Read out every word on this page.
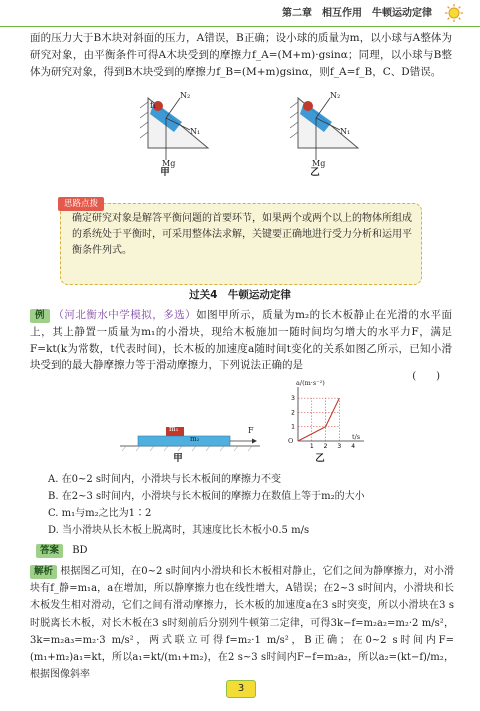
第二章　相互作用　牛顿运动定律
面的压力大于B木块对斜面的压力，A错误，B正确；设小球的质量为m，以小球与A整体为研究对象，由平衡条件可得A木块受到的摩擦力f_A=(M+m)·gsinα；同理，以小球与B整体为研究对象，得到B木块受到的摩擦力f_B=(M+m)gsinα，则f_A=f_B，C、D错误。
N₂
f₁
N₁
Mg
甲
N₂
N₁
Mg
乙
思路点拨
确定研究对象是解答平衡问题的首要环节，如果两个或两个以上的物体所组成的系统处于平衡时，可采用整体法求解，关键要正确地进行受力分析和运用平衡条件列式。
过关4　牛顿运动定律
例 （河北衡水中学模拟，多选）如图甲所示，质量为m₂的长木板静止在光滑的水平面上，其上静置一质量为m₁的小滑块，现给木板施加一随时间均匀增大的水平力F，满足F=kt(k为常数，t代表时间)，长木板的加速度a随时间t变化的关系如图乙所示，已知小滑块受到的最大静摩擦力等于滑动摩擦力，下列说法正确的是
(　　)
m₁
m₂
F
甲
1
2
3
1 2 3 4
a/(m·s⁻²)
t/s
O
乙
A. 在0~2 s时间内，小滑块与长木板间的摩擦力不变
B. 在2~3 s时间内，小滑块与长木板间的摩擦力在数值上等于m₂的大小
C. m₁与m₂之比为1∶2
D. 当小滑块从长木板上脱离时，其速度比长木板小0.5 m/s
答案 BD
解析 根据图乙可知，在0~2 s时间内小滑块和长木板相对静止，它们之间为静摩擦力，对小滑块有f_静=m₁a，a在增加，所以静摩擦力也在线性增大，A错误；在2~3 s时间内，小滑块和长木板发生相对滑动，它们之间有滑动摩擦力，长木板的加速度a在3 s时突变，所以小滑块在3 s时脱离长木板，对长木板在3 s时刻前后分别列牛顿第二定律，可得3k−f=m₂a₂=m₂·2 m/s²，3k=m₂a₃=m₂·3 m/s²，两式联立可得f=m₂·1 m/s²，B正确；在0~2 s时间内F=(m₁+m₂)a₁=kt，所以a₁=kt/(m₁+m₂)，在2 s~3 s时间内F−f=m₂a₂，所以a₂=(kt−f)/m₂，根据图像斜率
3
